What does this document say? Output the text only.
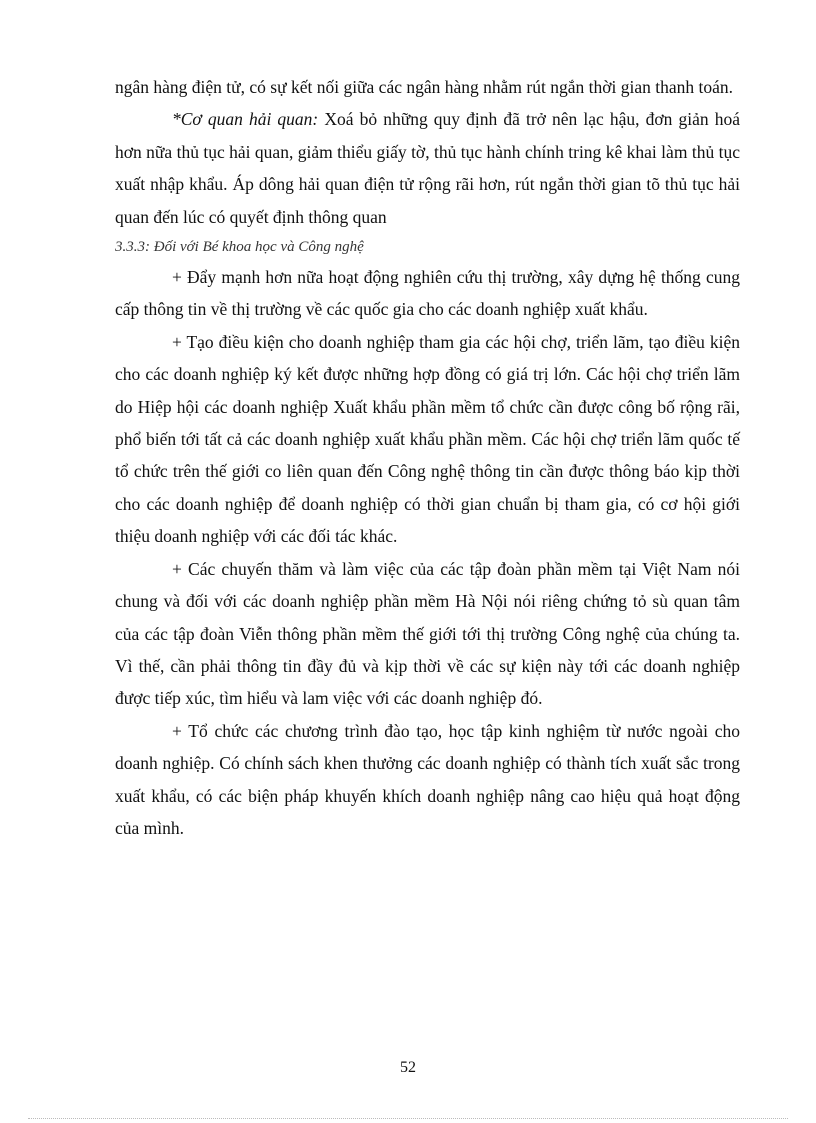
ngân hàng điện tử, có sự kết nối giữa các ngân hàng nhằm rút ngắn thời gian thanh toán.

*Cơ quan hải quan: Xoá bỏ những quy định đã trở nên lạc hậu, đơn giản hoá hơn nữa thủ tục hải quan, giảm thiểu giấy tờ, thủ tục hành chính tring kê khai làm thủ tục xuất nhập khẩu. Áp dông hải quan điện tử rộng rãi hơn, rút ngắn thời gian tõ thủ tục hải quan đến lúc có quyết định thông quan

3.3.3: Đối với Bé khoa học và Công nghệ

+ Đẩy mạnh hơn nữa hoạt động nghiên cứu thị trường, xây dựng hệ thống cung cấp thông tin về thị trường về các quốc gia cho các doanh nghiệp xuất khẩu.

+ Tạo điều kiện cho doanh nghiệp tham gia các hội chợ, triển lãm, tạo điều kiện cho các doanh nghiệp ký kết được những hợp đồng có giá trị lớn. Các hội chợ triển lãm do Hiệp hội các doanh nghiệp Xuất khẩu phần mềm tổ chức cần được công bố rộng rãi, phổ biến tới tất cả các doanh nghiệp xuất khẩu phần mềm. Các hội chợ triển lãm quốc tế tổ chức trên thế giới co liên quan đến Công nghệ thông tin cần được thông báo kịp thời cho các doanh nghiệp để doanh nghiệp có thời gian chuẩn bị tham gia, có cơ hội giới thiệu doanh nghiệp với các đối tác khác.

+ Các chuyến thăm và làm việc của các tập đoàn phần mềm tại Việt Nam nói chung và đối với các doanh nghiệp phần mềm Hà Nội nói riêng chứng tỏ sù quan tâm của các tập đoàn Viễn thông phần mềm thế giới tới thị trường Công nghệ của chúng ta. Vì thế, cần phải thông tin đầy đủ và kịp thời về các sự kiện này tới các doanh nghiệp được tiếp xúc, tìm hiểu và lam việc với các doanh nghiệp đó.

+ Tổ chức các chương trình đào tạo, học tập kinh nghiệm từ nước ngoài cho doanh nghiệp. Có chính sách khen thưởng các doanh nghiệp có thành tích xuất sắc trong xuất khẩu, có các biện pháp khuyến khích doanh nghiệp nâng cao hiệu quả hoạt động của mình.

52
